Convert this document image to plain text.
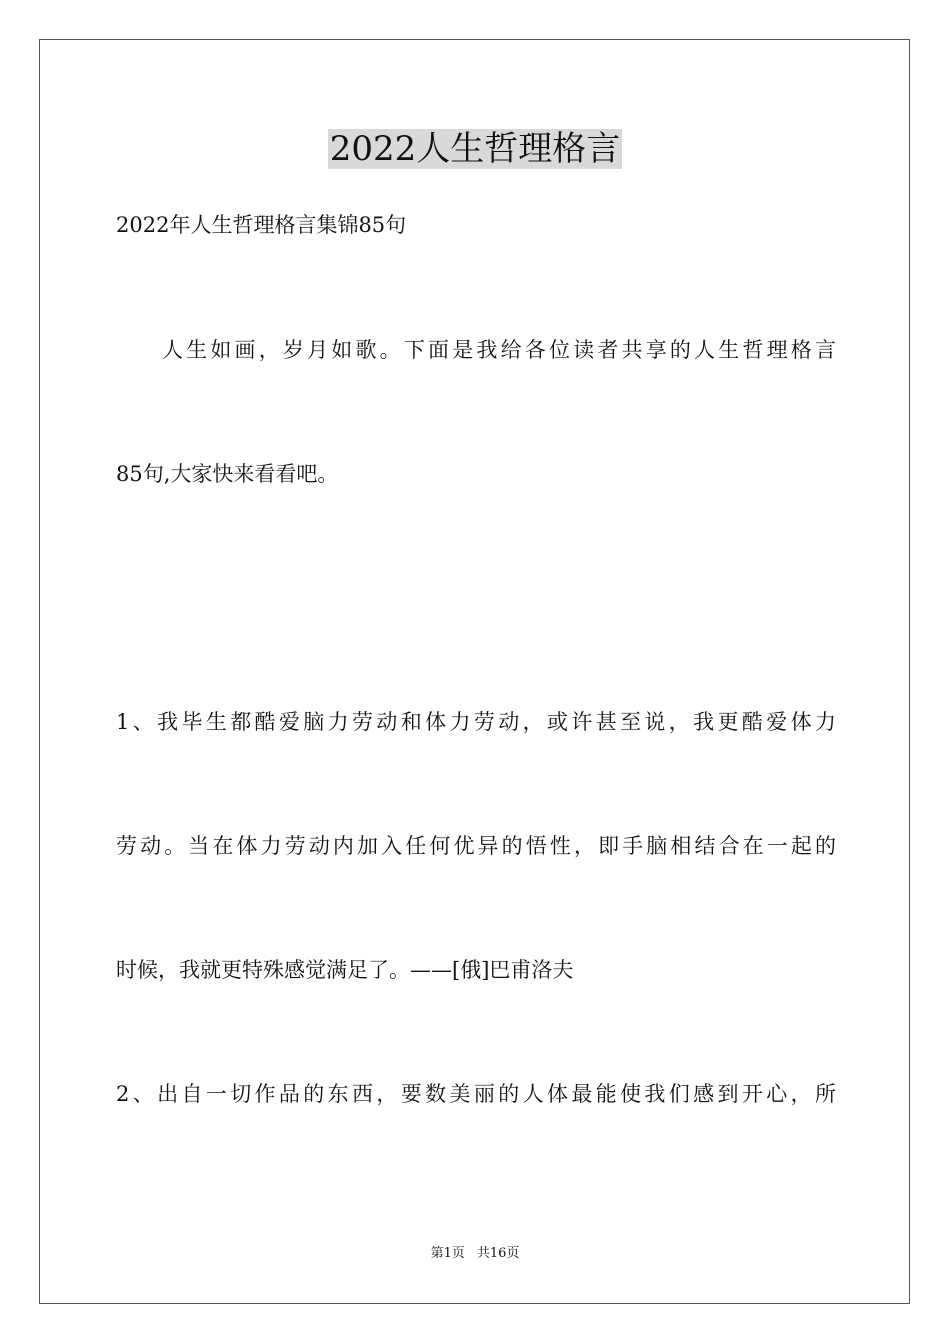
2022人生哲理格言

2022年人生哲理格言集锦85句

人生如画，岁月如歌。下面是我给各位读者共享的人生哲理格言

85句,大家快来看看吧。

1、我毕生都酷爱脑力劳动和体力劳动，或许甚至说，我更酷爱体力

劳动。当在体力劳动内加入任何优异的悟性，即手脑相结合在一起的

时候，我就更特殊感觉满足了。——[俄]巴甫洛夫

2、出自一切作品的东西，要数美丽的人体最能使我们感到开心，所

第1页 共16页
